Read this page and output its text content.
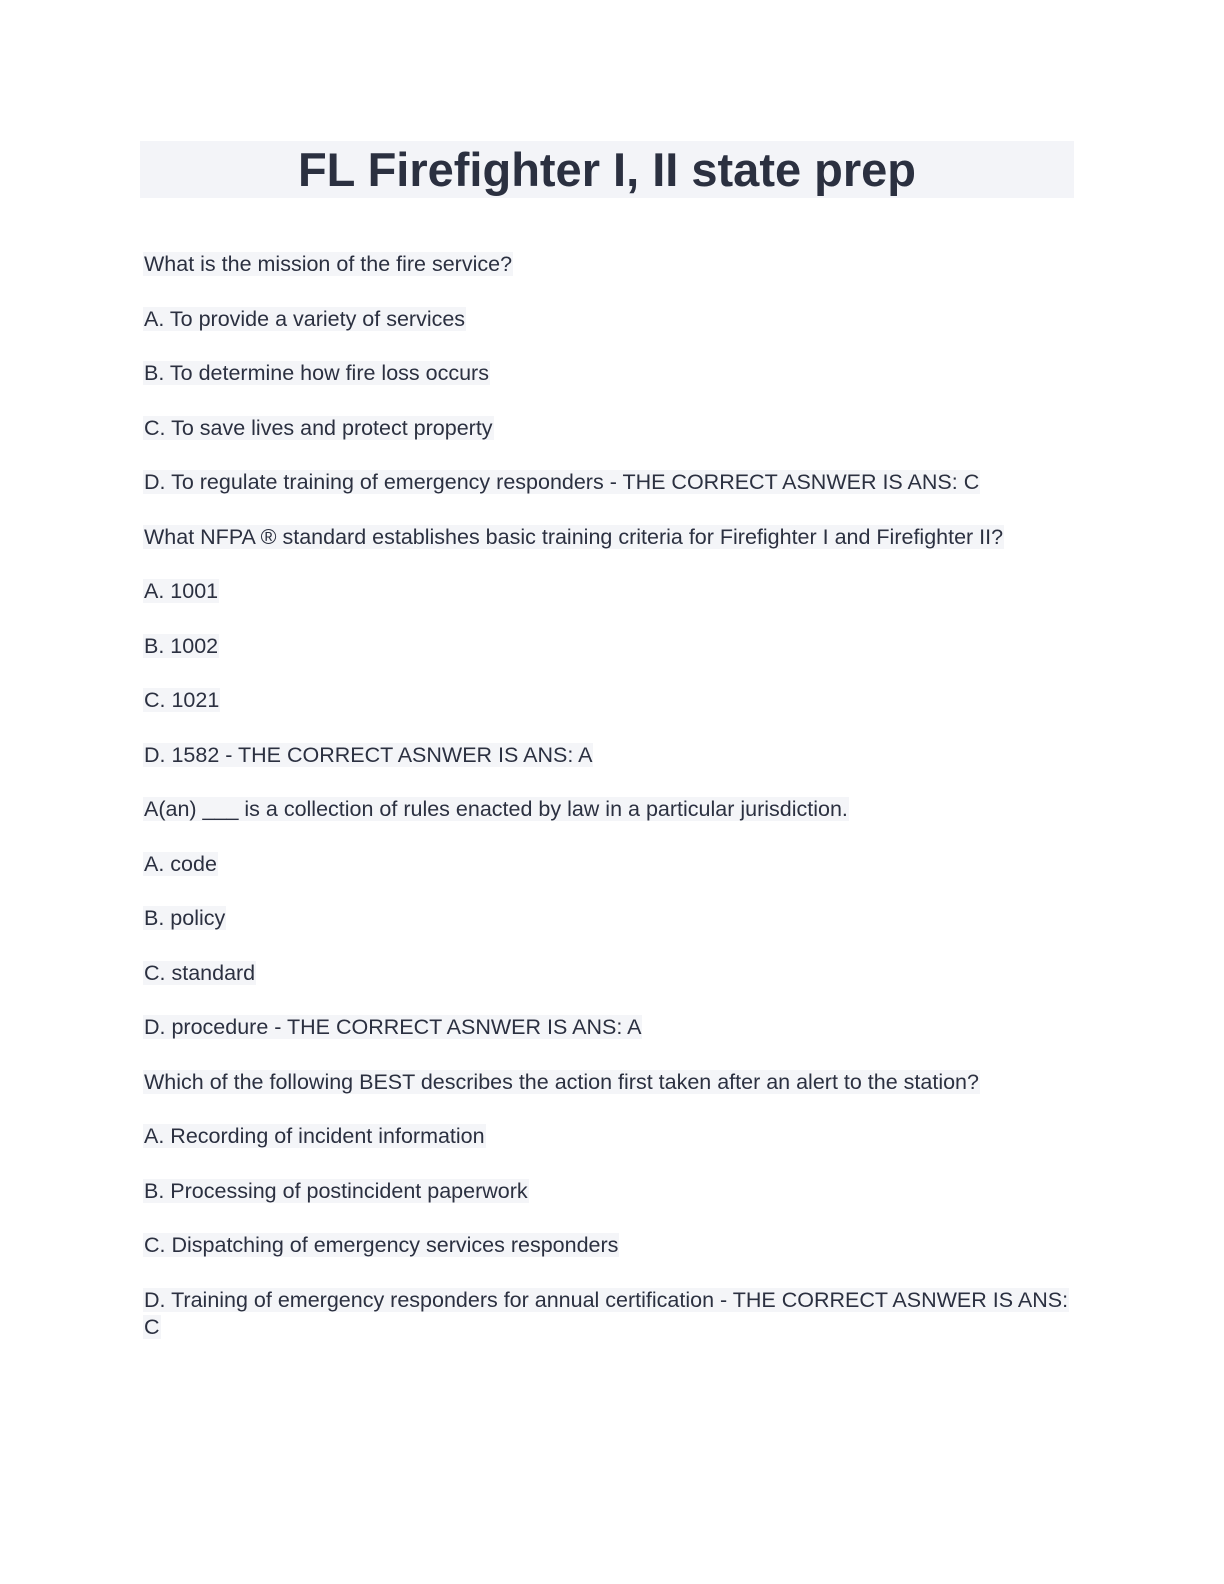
FL Firefighter I, II state prep

What is the mission of the fire service?

A. To provide a variety of services

B. To determine how fire loss occurs

C. To save lives and protect property

D. To regulate training of emergency responders - THE CORRECT ASNWER IS ANS: C

What NFPA ® standard establishes basic training criteria for Firefighter I and Firefighter II?

A. 1001

B. 1002

C. 1021

D. 1582 - THE CORRECT ASNWER IS ANS: A

A(an) ___ is a collection of rules enacted by law in a particular jurisdiction.

A. code

B. policy

C. standard

D. procedure - THE CORRECT ASNWER IS ANS: A

Which of the following BEST describes the action first taken after an alert to the station?

A. Recording of incident information

B. Processing of postincident paperwork

C. Dispatching of emergency services responders

D. Training of emergency responders for annual certification - THE CORRECT ASNWER IS ANS: C
